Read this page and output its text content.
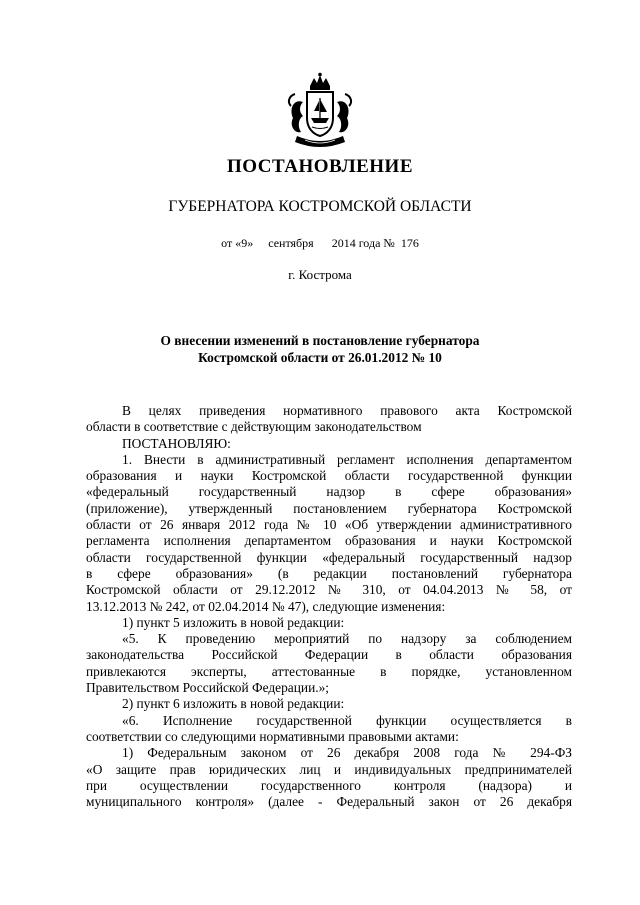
ПОСТАНОВЛЕНИЕ
ГУБЕРНАТОРА КОСТРОМСКОЙ ОБЛАСТИ
от «9» сентября 2014 года № 176
г. Кострома
О внесении изменений в постановление губернатора
Костромской области от 26.01.2012 № 10

В целях приведения нормативного правового акта Костромской

области в соответствие с действующим законодательством

ПОСТАНОВЛЯЮ:

1. Внести в административный регламент исполнения департаментом

образования и науки Костромской области государственной функции

«федеральный государственный надзор в сфере образования»

(приложение), утвержденный постановлением губернатора Костромской

области от 26 января 2012 года № 10 «Об утверждении административного

регламента исполнения департаментом образования и науки Костромской

области государственной функции «федеральный государственный надзор

в сфере образования» (в редакции постановлений губернатора

Костромской области от 29.12.2012 № 310, от 04.04.2013 № 58, от

13.12.2013 № 242, от 02.04.2014 № 47), следующие изменения:

1) пункт 5 изложить в новой редакции:

«5. К проведению мероприятий по надзору за соблюдением

законодательства Российской Федерации в области образования

привлекаются эксперты, аттестованные в порядке, установленном

Правительством Российской Федерации.»;

2) пункт 6 изложить в новой редакции:

«6. Исполнение государственной функции осуществляется в

соответствии со следующими нормативными правовыми актами:

1) Федеральным законом от 26 декабря 2008 года № 294-ФЗ

«О защите прав юридических лиц и индивидуальных предпринимателей

при осуществлении государственного контроля (надзора) и

муниципального контроля» (далее - Федеральный закон от 26 декабря
